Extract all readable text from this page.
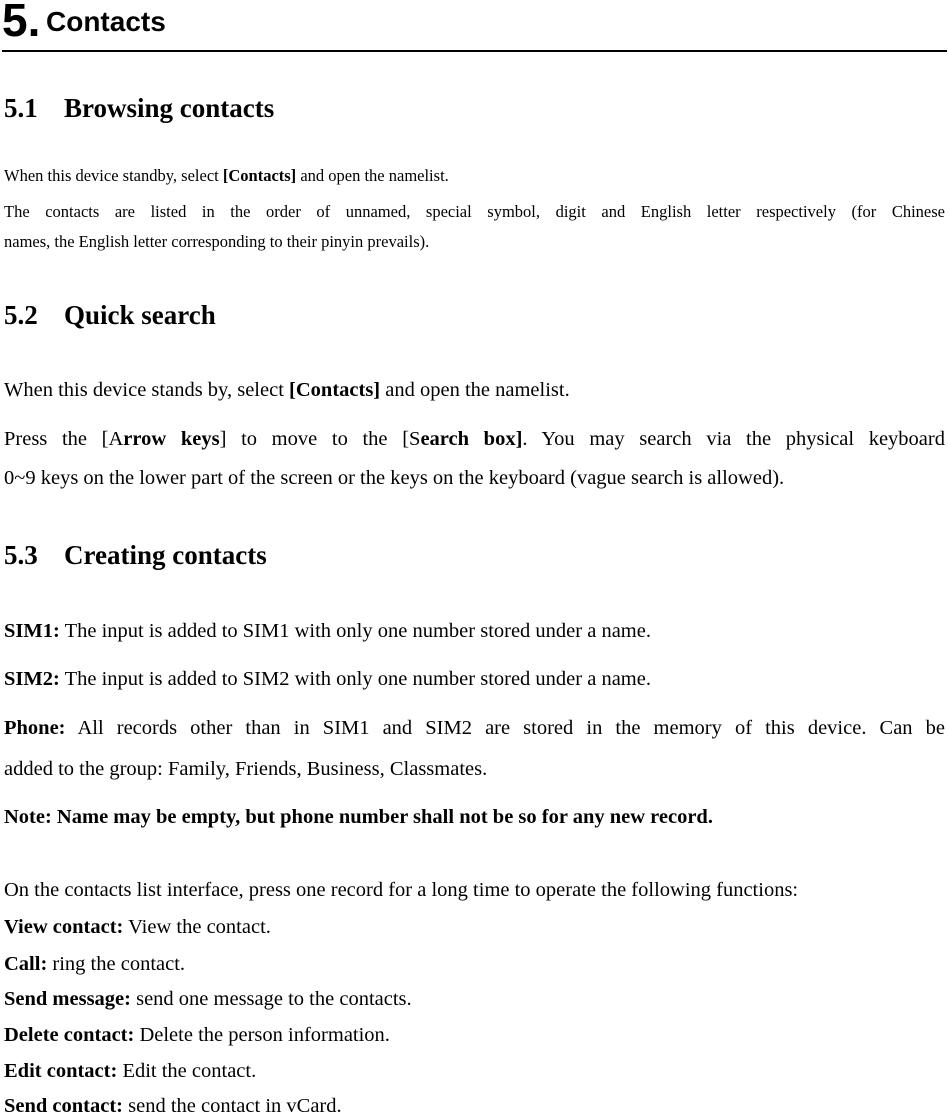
5. Contacts
5.1 Browsing contacts
When this device standby, select [Contacts] and open the namelist.
The contacts are listed in the order of unnamed, special symbol, digit and English letter respectively (for Chinese
names, the English letter corresponding to their pinyin prevails).
5.2 Quick search
When this device stands by, select [Contacts] and open the namelist.
Press the [Arrow keys] to move to the [Search box]. You may search via the physical keyboard
0~9 keys on the lower part of the screen or the keys on the keyboard (vague search is allowed).
5.3 Creating contacts
SIM1: The input is added to SIM1 with only one number stored under a name.
SIM2: The input is added to SIM2 with only one number stored under a name.
Phone: All records other than in SIM1 and SIM2 are stored in the memory of this device. Can be
added to the group: Family, Friends, Business, Classmates.
Note: Name may be empty, but phone number shall not be so for any new record.
On the contacts list interface, press one record for a long time to operate the following functions:
View contact: View the contact.
Call: ring the contact.
Send message: send one message to the contacts.
Delete contact: Delete the person information.
Edit contact: Edit the contact.
Send contact: send the contact in vCard.
